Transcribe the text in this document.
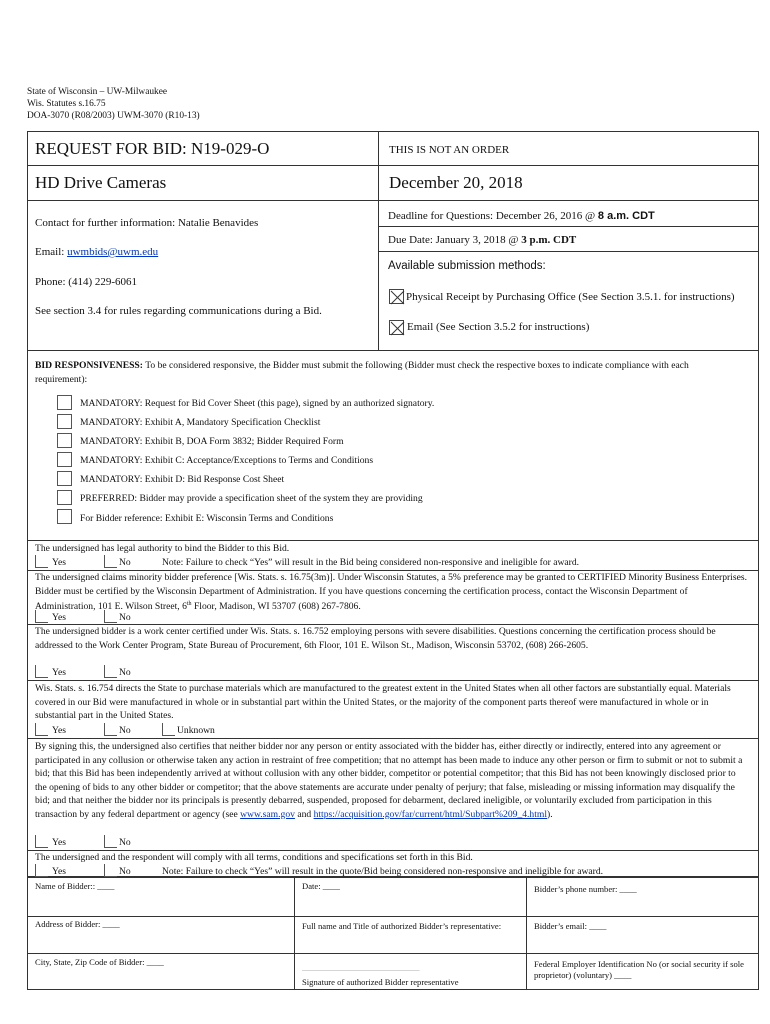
State of Wisconsin – UW-Milwaukee
Wis. Statutes s.16.75
DOA-3070 (R08/2003) UWM-3070 (R10-13)
REQUEST FOR BID: N19-029-O	THIS IS NOT AN ORDER
HD Drive Cameras	December 20, 2018
Contact for further information: Natalie Benavides
Email: uwmbids@uwm.edu
Phone: (414) 229-6061
See section 3.4 for rules regarding communications during a Bid.
Deadline for Questions: December 26, 2016 @ 8 a.m. CDT
Due Date: January 3, 2018 @ 3 p.m. CDT
Available submission methods:
Physical Receipt by Purchasing Office (See Section 3.5.1. for instructions)
Email (See Section 3.5.2 for instructions)
BID RESPONSIVENESS: To be considered responsive, the Bidder must submit the following (Bidder must check the respective boxes to indicate compliance with each requirement):
MANDATORY: Request for Bid Cover Sheet (this page), signed by an authorized signatory.
MANDATORY: Exhibit A, Mandatory Specification Checklist
MANDATORY: Exhibit B, DOA Form 3832; Bidder Required Form
MANDATORY: Exhibit C: Acceptance/Exceptions to Terms and Conditions
MANDATORY: Exhibit D: Bid Response Cost Sheet
PREFERRED: Bidder may provide a specification sheet of the system they are providing
For Bidder reference: Exhibit E: Wisconsin Terms and Conditions
The undersigned has legal authority to bind the Bidder to this Bid.
Yes	No	Note: Failure to check “Yes” will result in the Bid being considered non-responsive and ineligible for award.
The undersigned claims minority bidder preference [Wis. Stats. s. 16.75(3m)]. Under Wisconsin Statutes, a 5% preference may be granted to CERTIFIED Minority Business Enterprises. Bidder must be certified by the Wisconsin Department of Administration. If you have questions concerning the certification process, contact the Wisconsin Department of Administration, 101 E. Wilson Street, 6th Floor, Madison, WI 53707 (608) 267-7806.
Yes	No
The undersigned bidder is a work center certified under Wis. Stats. s. 16.752 employing persons with severe disabilities. Questions concerning the certification process should be addressed to the Work Center Program, State Bureau of Procurement, 6th Floor, 101 E. Wilson St., Madison, Wisconsin 53702, (608) 266-2605.
Yes	No
Wis. Stats. s. 16.754 directs the State to purchase materials which are manufactured to the greatest extent in the United States when all other factors are substantially equal. Materials covered in our Bid were manufactured in whole or in substantial part within the United States, or the majority of the component parts thereof were manufactured in whole or in substantial part in the United States.
Yes	No	Unknown
By signing this, the undersigned also certifies that neither bidder nor any person or entity associated with the bidder has, either directly or indirectly, entered into any agreement or participated in any collusion or otherwise taken any action in restraint of free competition; that no attempt has been made to induce any other person or firm to submit or not to submit a bid; that this Bid has been independently arrived at without collusion with any other bidder, competitor or potential competitor; that this Bid has not been knowingly disclosed prior to the opening of bids to any other bidder or competitor; that the above statements are accurate under penalty of perjury; that false, misleading or missing information may disqualify the bid; and that neither the bidder nor its principals is presently debarred, suspended, proposed for debarment, declared ineligible, or voluntarily excluded from participation in this transaction by any federal department or agency (see www.sam.gov and https://acquisition.gov/far/current/html/Subpart%209_4.html).
Yes	No
The undersigned and the respondent will comply with all terms, conditions and specifications set forth in this Bid.
Yes	No	Note: Failure to check “Yes” will result in the quote/Bid being considered non-responsive and ineligible for award.
Name of Bidder:: ____	Date: ____	Bidder’s phone number: ____
Address of Bidder: ____	Full name and Title of authorized Bidder’s representative:	Bidder’s email: ____
City, State, Zip Code of Bidder: ____
_______________________________________________
Signature of authorized Bidder representative
Federal Employer Identification No (or social security if sole proprietor) (voluntary) ____
